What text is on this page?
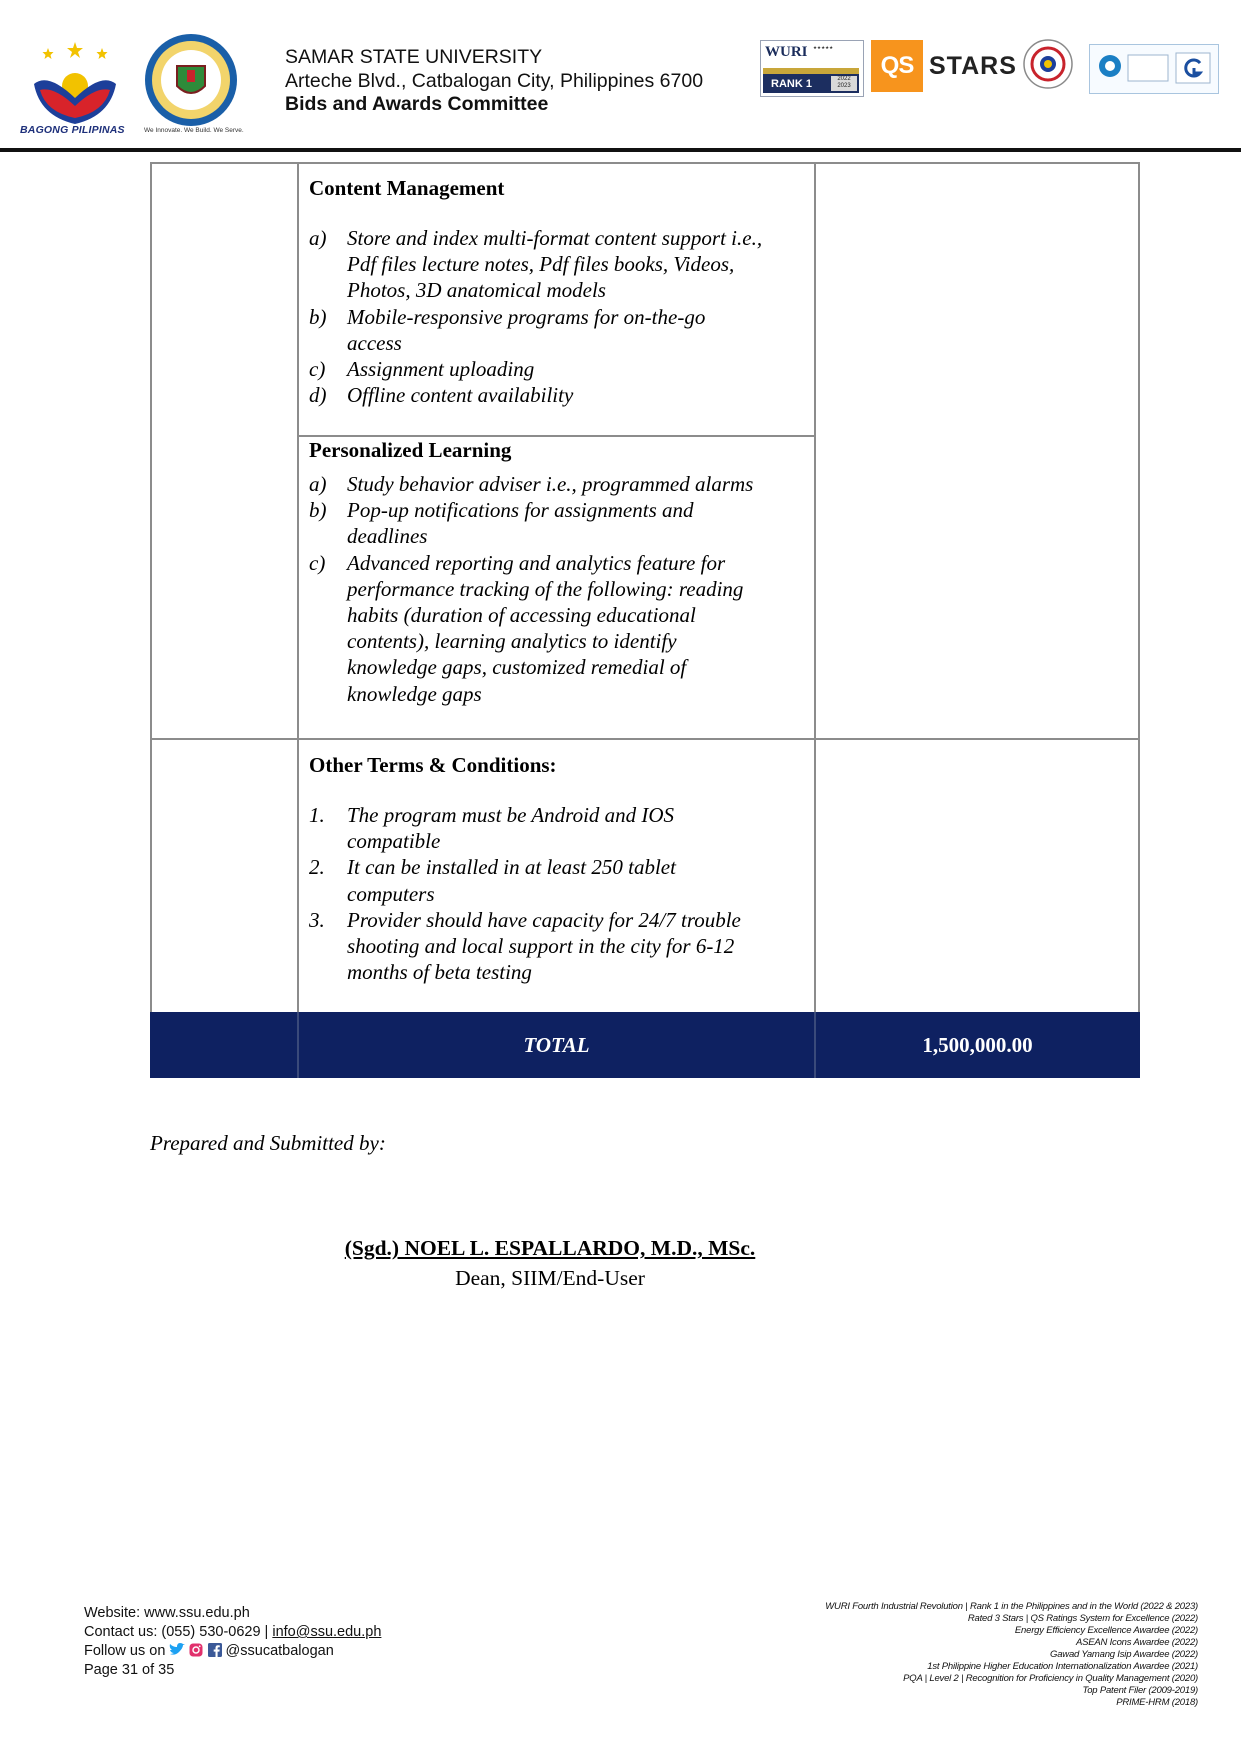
BAGONG PILIPINAS	We Innovate. We Build. We Serve.
SAMAR STATE UNIVERSITY
Arteche Blvd., Catbalogan City, Philippines 6700
Bids and Awards Committee
WURI ★★★★★
RANK 1	2022 2023
QS STARS
Content Management
a) Store and index multi-format content support i.e.,
Pdf files lecture notes, Pdf files books, Videos,
Photos, 3D anatomical models
b) Mobile-responsive programs for on-the-go
access
c) Assignment uploading
d) Offline content availability
Personalized Learning
a) Study behavior adviser i.e., programmed alarms
b) Pop-up notifications for assignments and
deadlines
c) Advanced reporting and analytics feature for
performance tracking of the following: reading
habits (duration of accessing educational
contents), learning analytics to identify
knowledge gaps, customized remedial of
knowledge gaps
Other Terms & Conditions:
1. The program must be Android and IOS
compatible
2. It can be installed in at least 250 tablet
computers
3. Provider should have capacity for 24/7 trouble
shooting and local support in the city for 6-12
months of beta testing
TOTAL	1,500,000.00
Prepared and Submitted by:
(Sgd.) NOEL L. ESPALLARDO, M.D., MSc.
Dean, SIIM/End-User
Website: www.ssu.edu.ph
Contact us: (055) 530-0629 | info@ssu.edu.ph
Follow us on	@ssucatbalogan
Page 31 of 35
WURI Fourth Industrial Revolution | Rank 1 in the Philippines and in the World (2022 & 2023)
Rated 3 Stars | QS Ratings System for Excellence (2022)
Energy Efficiency Excellence Awardee (2022)
ASEAN Icons Awardee (2022)
Gawad Yamang Isip Awardee (2022)
1st Philippine Higher Education Internationalization Awardee (2021)
PQA | Level 2 | Recognition for Proficiency in Quality Management (2020)
Top Patent Filer (2009-2019)
PRIME-HRM (2018)
